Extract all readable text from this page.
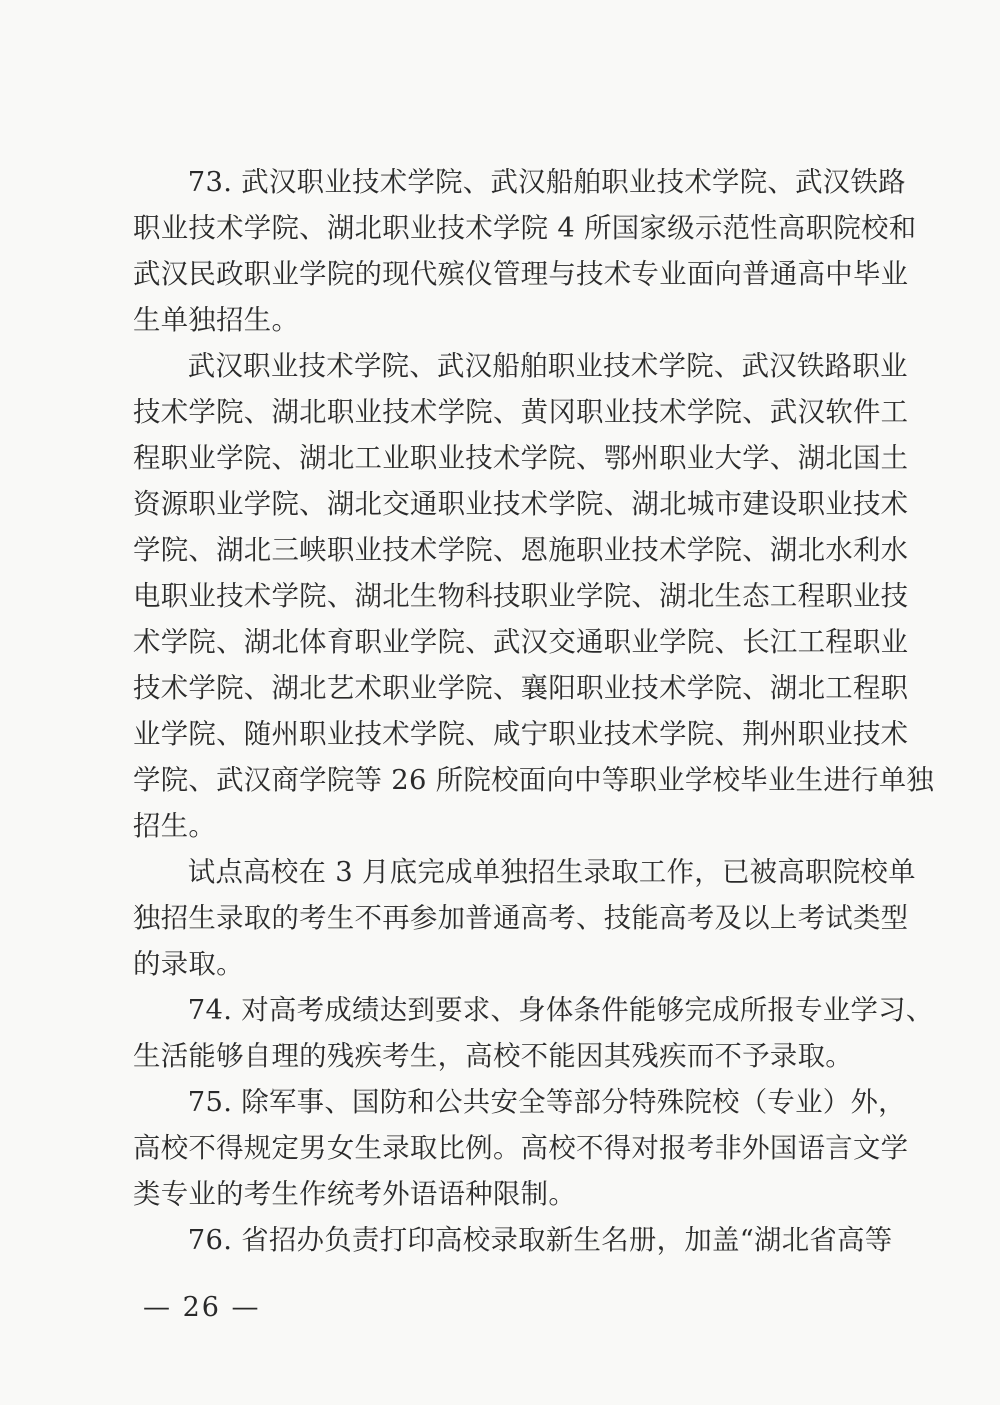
73. 武汉职业技术学院、武汉船舶职业技术学院、武汉铁路
职业技术学院、湖北职业技术学院 4 所国家级示范性高职院校和
武汉民政职业学院的现代殡仪管理与技术专业面向普通高中毕业
生单独招生。

武汉职业技术学院、武汉船舶职业技术学院、武汉铁路职业
技术学院、湖北职业技术学院、黄冈职业技术学院、武汉软件工
程职业学院、湖北工业职业技术学院、鄂州职业大学、湖北国土
资源职业学院、湖北交通职业技术学院、湖北城市建设职业技术
学院、湖北三峡职业技术学院、恩施职业技术学院、湖北水利水
电职业技术学院、湖北生物科技职业学院、湖北生态工程职业技
术学院、湖北体育职业学院、武汉交通职业学院、长江工程职业
技术学院、湖北艺术职业学院、襄阳职业技术学院、湖北工程职
业学院、随州职业技术学院、咸宁职业技术学院、荆州职业技术
学院、武汉商学院等 26 所院校面向中等职业学校毕业生进行单独
招生。

试点高校在 3 月底完成单独招生录取工作，已被高职院校单
独招生录取的考生不再参加普通高考、技能高考及以上考试类型
的录取。

74. 对高考成绩达到要求、身体条件能够完成所报专业学习、
生活能够自理的残疾考生，高校不能因其残疾而不予录取。

75. 除军事、国防和公共安全等部分特殊院校（专业）外，
高校不得规定男女生录取比例。高校不得对报考非外国语言文学
类专业的考生作统考外语语种限制。

76. 省招办负责打印高校录取新生名册，加盖“湖北省高等

— 26 —
